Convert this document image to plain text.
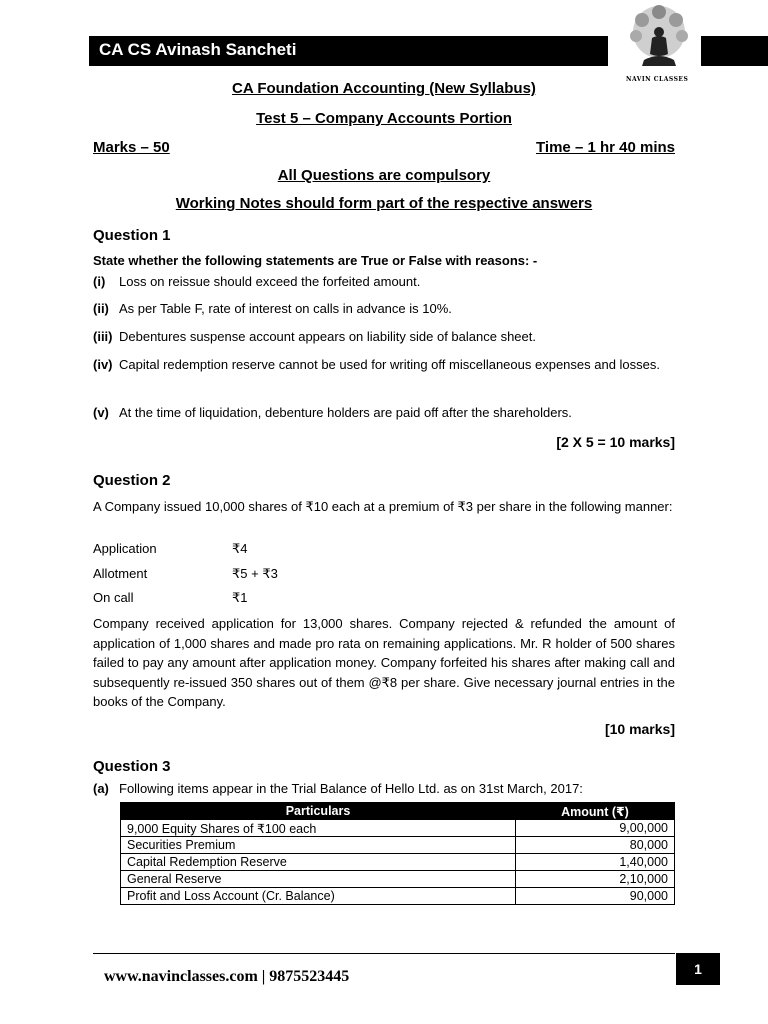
CA CS Avinash Sancheti
NAVIN CLASSES
CA Foundation Accounting (New Syllabus)
Test 5 – Company Accounts Portion
Marks – 50	Time – 1 hr 40 mins
All Questions are compulsory
Working Notes should form part of the respective answers
Question 1
State whether the following statements are True or False with reasons: -
(i) Loss on reissue should exceed the forfeited amount.
(ii) As per Table F, rate of interest on calls in advance is 10%.
(iii) Debentures suspense account appears on liability side of balance sheet.
(iv) Capital redemption reserve cannot be used for writing off miscellaneous expenses and losses.
(v) At the time of liquidation, debenture holders are paid off after the shareholders.
[2 X 5 = 10 marks]
Question 2
A Company issued 10,000 shares of ₹10 each at a premium of ₹3 per share in the following manner:
Application	₹4
Allotment	₹5 + ₹3
On call	₹1
Company received application for 13,000 shares. Company rejected & refunded the amount of application of 1,000 shares and made pro rata on remaining applications. Mr. R holder of 500 shares failed to pay any amount after application money. Company forfeited his shares after making call and subsequently re-issued 350 shares out of them @₹8 per share. Give necessary journal entries in the books of the Company.
[10 marks]
Question 3
(a) Following items appear in the Trial Balance of Hello Ltd. as on 31st March, 2017:
Particulars	Amount (₹)
9,000 Equity Shares of ₹100 each	9,00,000
Securities Premium	80,000
Capital Redemption Reserve	1,40,000
General Reserve	2,10,000
Profit and Loss Account (Cr. Balance)	90,000
www.navinclasses.com | 9875523445	1
